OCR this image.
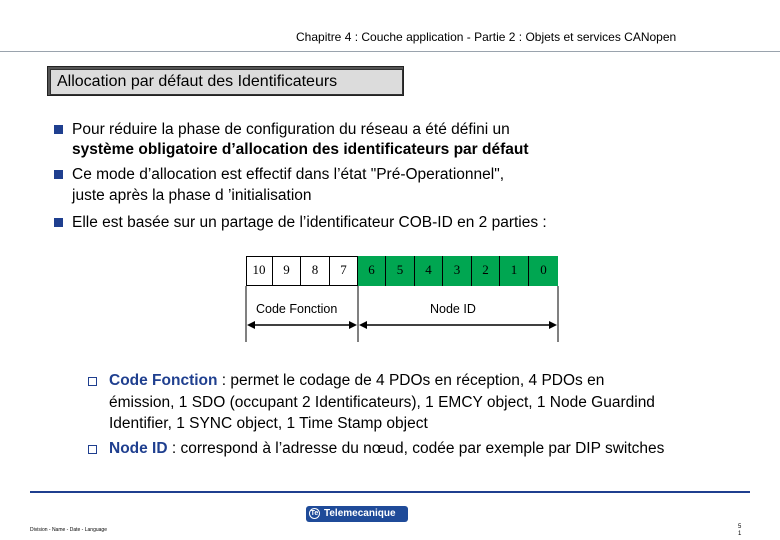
Chapitre 4 : Couche application - Partie 2 : Objets et services CANopen
Allocation par défaut des Identificateurs
Pour réduire la phase de configuration du réseau a été défini un
système obligatoire d’allocation des identificateurs par défaut
Ce mode d’allocation est effectif dans l’état "Pré-Operationnel",
juste après la phase d ’initialisation
Elle est basée sur un partage de l’identificateur COB-ID en 2 parties :
10	9	8	7	6	5	4	3	2	1	0
Code Fonction	Node ID
Code Fonction : permet le codage de 4 PDOs en réception, 4 PDOs en
émission, 1 SDO (occupant 2 Identificateurs), 1 EMCY object, 1 Node Guardind
Identifier, 1 SYNC object, 1 Time Stamp object
Node ID : correspond à l’adresse du nœud, codée par exemple par DIP switches
Te Telemecanique
Division - Name - Date - Language	5
1
